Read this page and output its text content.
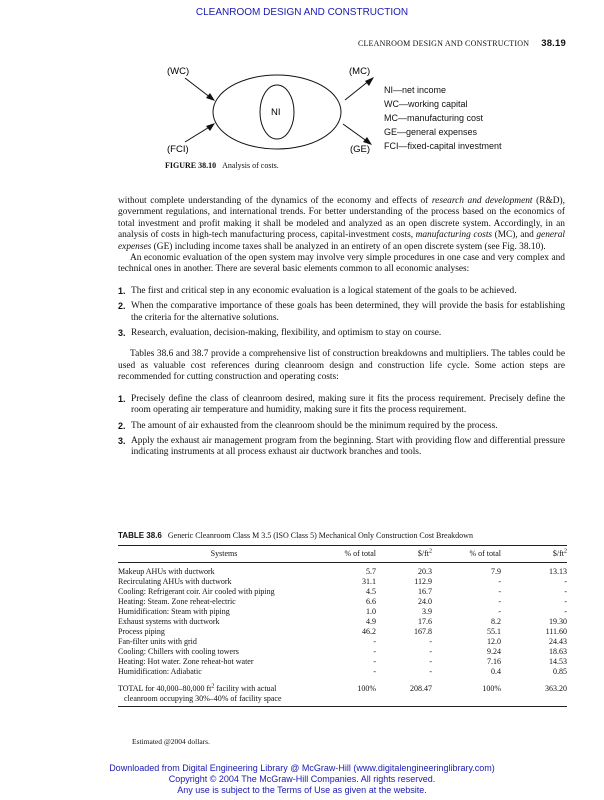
CLEANROOM DESIGN AND CONSTRUCTION
CLEANROOM DESIGN AND CONSTRUCTION 38.19
(WC)	(MC)
(FCI)	(GE)
NI
NI—net income
WC—working capital
MC—manufacturing cost
GE—general expenses
FCI—fixed-capital investment
FIGURE 38.10 Analysis of costs.

without complete understanding of the dynamics of the economy and effects of research and development (R&D), government regulations, and international trends. For better understanding of the process based on the economics of total investment and profit making it shall be modeled and analyzed as an open discrete system. Accordingly, in an analysis of costs in high-tech manufacturing process, capital-investment costs, manufacturing costs (MC), and general expenses (GE) including income taxes shall be analyzed in an entirety of an open discrete system (see Fig. 38.10).

An economic evaluation of the open system may involve very simple procedures in one case and very complex and technical ones in another. There are several basic elements common to all economic analyses:

1. The first and critical step in any economic evaluation is a logical statement of the goals to be achieved.
2. When the comparative importance of these goals has been determined, they will provide the basis for establishing the criteria for the alternative solutions.
3. Research, evaluation, decision-making, flexibility, and optimism to stay on course.

Tables 38.6 and 38.7 provide a comprehensive list of construction breakdowns and multipliers. The tables could be used as valuable cost references during cleanroom design and construction life cycle. Some action steps are recommended for cutting construction and operating costs:

1. Precisely define the class of cleanroom desired, making sure it fits the process requirement. Precisely define the room operating air temperature and humidity, making sure it fits the process requirement.
2. The amount of air exhausted from the cleanroom should be the minimum required by the process.
3. Apply the exhaust air management program from the beginning. Start with providing flow and differential pressure indicating instruments at all process exhaust air ductwork branches and tools.
TABLE 38.6 Generic Cleanroom Class M 3.5 (ISO Class 5) Mechanical Only Construction Cost Breakdown
Systems	% of total	$\$/ft^2$	% of total	$\$/ft^2$
Makeup AHUs with ductwork	5.7	20.3	7.9	13.13
Recirculating AHUs with ductwork	31.1	112.9	-	-
Cooling: Refrigerant coir. Air cooled with piping	4.5	16.7	-	-
Heating: Steam. Zone reheat-electric	6.6	24.0	-	-
Humidification: Steam with piping	1.0	3.9	-	-
Exhaust systems with ductwork	4.9	17.6	8.2	19.30
Process piping	46.2	167.8	55.1	111.60
Fan-filter units with grid	-	-	12.0	24.43
Cooling: Chillers with cooling towers	-	-	9.24	18.63
Heating: Hot water. Zone reheat-hot water	-	-	7.16	14.53
Humidification: Adiabatic	-	-	0.4	0.85
TOTAL for 40,000–80,000 $ft^2$ facility with actual
cleanroom occupying 30%–40% of facility space	100%	208.47	100%	363.20
Estimated @2004 dollars.
Downloaded from Digital Engineering Library @ McGraw-Hill (www.digitalengineeringlibrary.com)
Copyright © 2004 The McGraw-Hill Companies. All rights reserved.
Any use is subject to the Terms of Use as given at the website.
